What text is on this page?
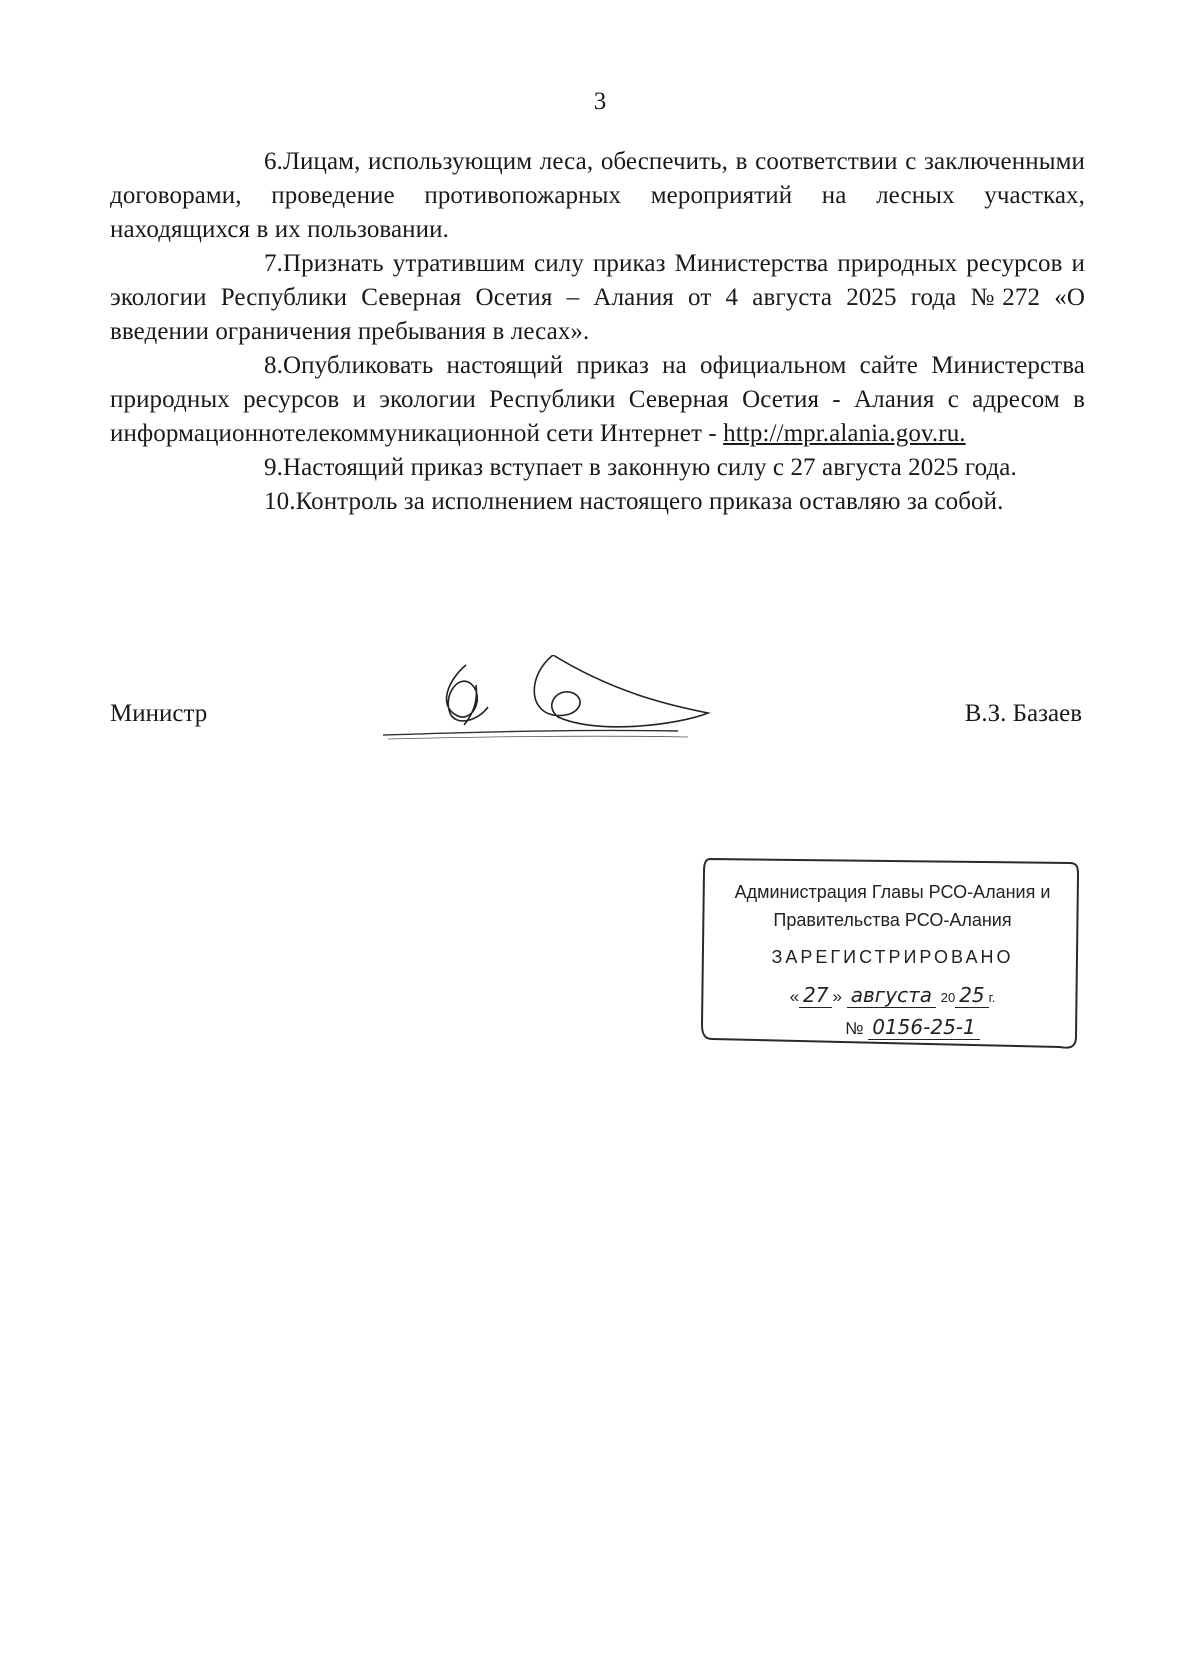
3

6.Лицам, использующим леса, обеспечить, в соответствии с заключенными договорами, проведение противопожарных мероприятий на лесных участках, находящихся в их пользовании.

7.Признать утратившим силу приказ Министерства природных ресурсов и экологии Республики Северная Осетия – Алания от 4 августа 2025 года №272 «О введении ограничения пребывания в лесах».

8.Опубликовать настоящий приказ на официальном сайте Министерства природных ресурсов и экологии Республики Северная Осетия - Алания с адресом в информационнотелекоммуникационной сети Интернет - http://mpr.alania.gov.ru.

9.Настоящий приказ вступает в законную силу с 27 августа 2025 года.

10.Контроль за исполнением настоящего приказа оставляю за собой.

Министр	В.З. Базаев
Администрация Главы РСО-Алания и
Правительства РСО-Алания
ЗАРЕГИСТРИРОВАНО
« 27 » августа 20 25 г.
№ 0156-25-1
